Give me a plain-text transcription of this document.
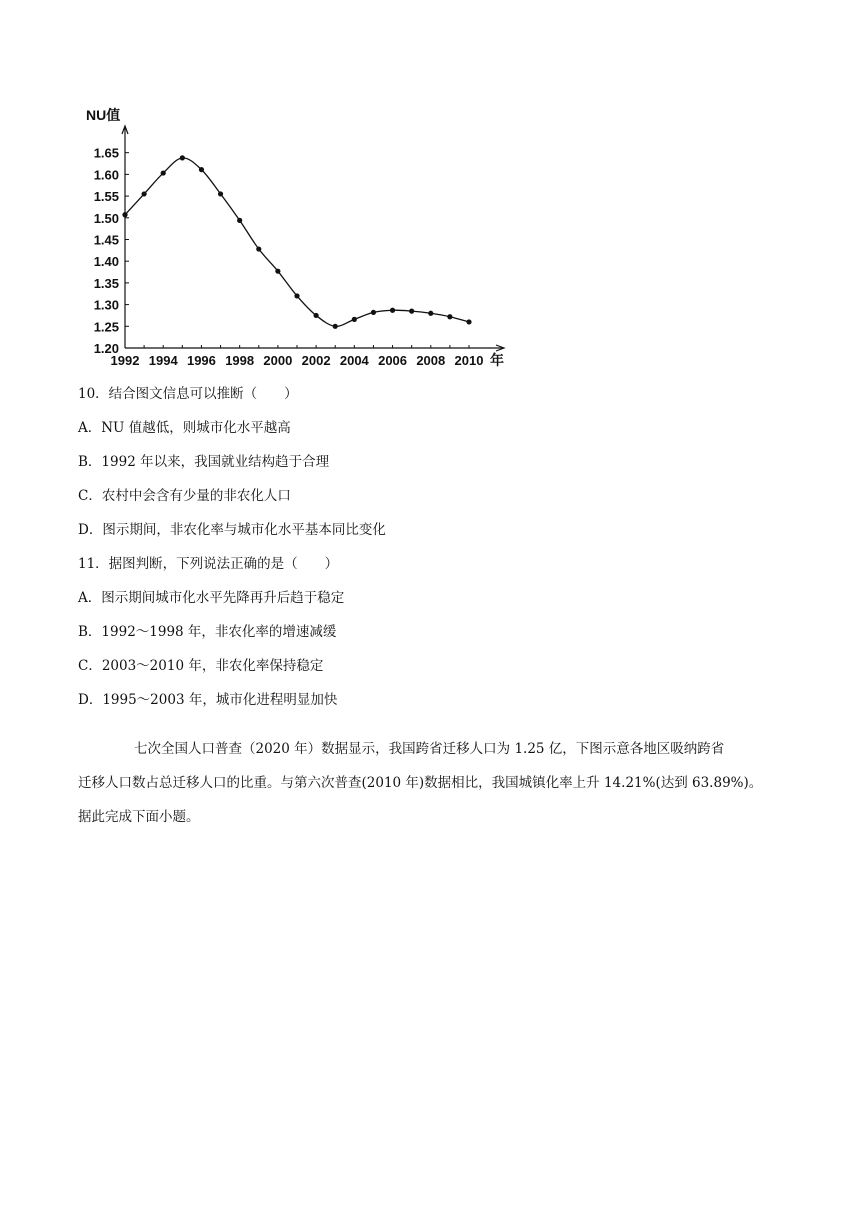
NU值
1.20
1.25
1.30
1.35
1.40
1.45
1.50
1.55
1.60
1.65
1992 1994 1996 1998 2000 2002 2004 2006 2008 2010 年
10．结合图文信息可以推断（　　）
A．NU 值越低，则城市化水平越高
B．1992 年以来，我国就业结构趋于合理
C．农村中会含有少量的非农化人口
D．图示期间，非农化率与城市化水平基本同比变化
11．据图判断，下列说法正确的是（　　）
A．图示期间城市化水平先降再升后趋于稳定
B．1992～1998 年，非农化率的增速减缓
C．2003～2010 年，非农化率保持稳定
D．1995～2003 年，城市化进程明显加快

七次全国人口普查（2020 年）数据显示，我国跨省迁移人口为 1.25 亿，下图示意各地区吸纳跨省

迁移人口数占总迁移人口的比重。与第六次普查(2010 年)数据相比，我国城镇化率上升 14.21%(达到 63.89%)。

据此完成下面小题。
